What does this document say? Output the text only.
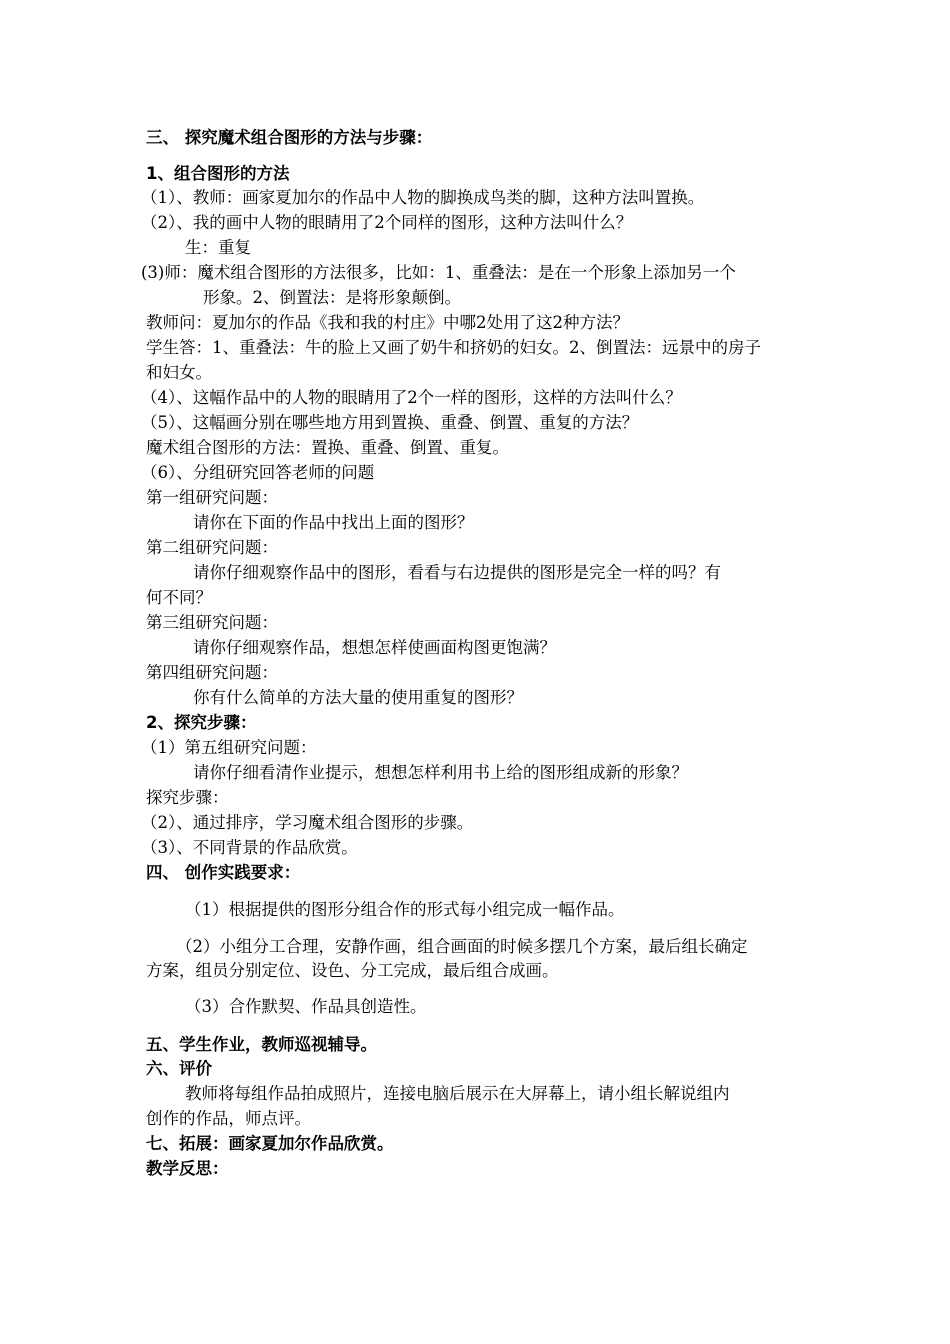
三、 探究魔术组合图形的方法与步骤：
1、组合图形的方法
（1）、教师：画家夏加尔的作品中人物的脚换成鸟类的脚，这种方法叫置换。
（2）、我的画中人物的眼睛用了2个同样的图形，这种方法叫什么？
生：重复
(3)师：魔术组合图形的方法很多，比如：1、重叠法：是在一个形象上添加另一个
形象。2、倒置法：是将形象颠倒。
教师问：夏加尔的作品《我和我的村庄》中哪2处用了这2种方法？
学生答：1、重叠法：牛的脸上又画了奶牛和挤奶的妇女。2、倒置法：远景中的房子
和妇女。
（4）、这幅作品中的人物的眼睛用了2个一样的图形，这样的方法叫什么？
（5）、这幅画分别在哪些地方用到置换、重叠、倒置、重复的方法？
魔术组合图形的方法：置换、重叠、倒置、重复。
（6）、分组研究回答老师的问题
第一组研究问题：
请你在下面的作品中找出上面的图形？
第二组研究问题：
请你仔细观察作品中的图形，看看与右边提供的图形是完全一样的吗？有
何不同？
第三组研究问题：
请你仔细观察作品，想想怎样使画面构图更饱满？
第四组研究问题：
你有什么简单的方法大量的使用重复的图形？
2、探究步骤：
（1）第五组研究问题：
请你仔细看清作业提示，想想怎样利用书上给的图形组成新的形象？
探究步骤：
（2）、通过排序，学习魔术组合图形的步骤。
（3）、不同背景的作品欣赏。
四、 创作实践要求：
（1）根据提供的图形分组合作的形式每小组完成一幅作品。
（2）小组分工合理，安静作画，组合画面的时候多摆几个方案，最后组长确定
方案，组员分别定位、设色、分工完成，最后组合成画。
（3）合作默契、作品具创造性。
五、学生作业，教师巡视辅导。
六、评价
教师将每组作品拍成照片，连接电脑后展示在大屏幕上，请小组长解说组内
创作的作品，师点评。
七、拓展：画家夏加尔作品欣赏。
教学反思：
